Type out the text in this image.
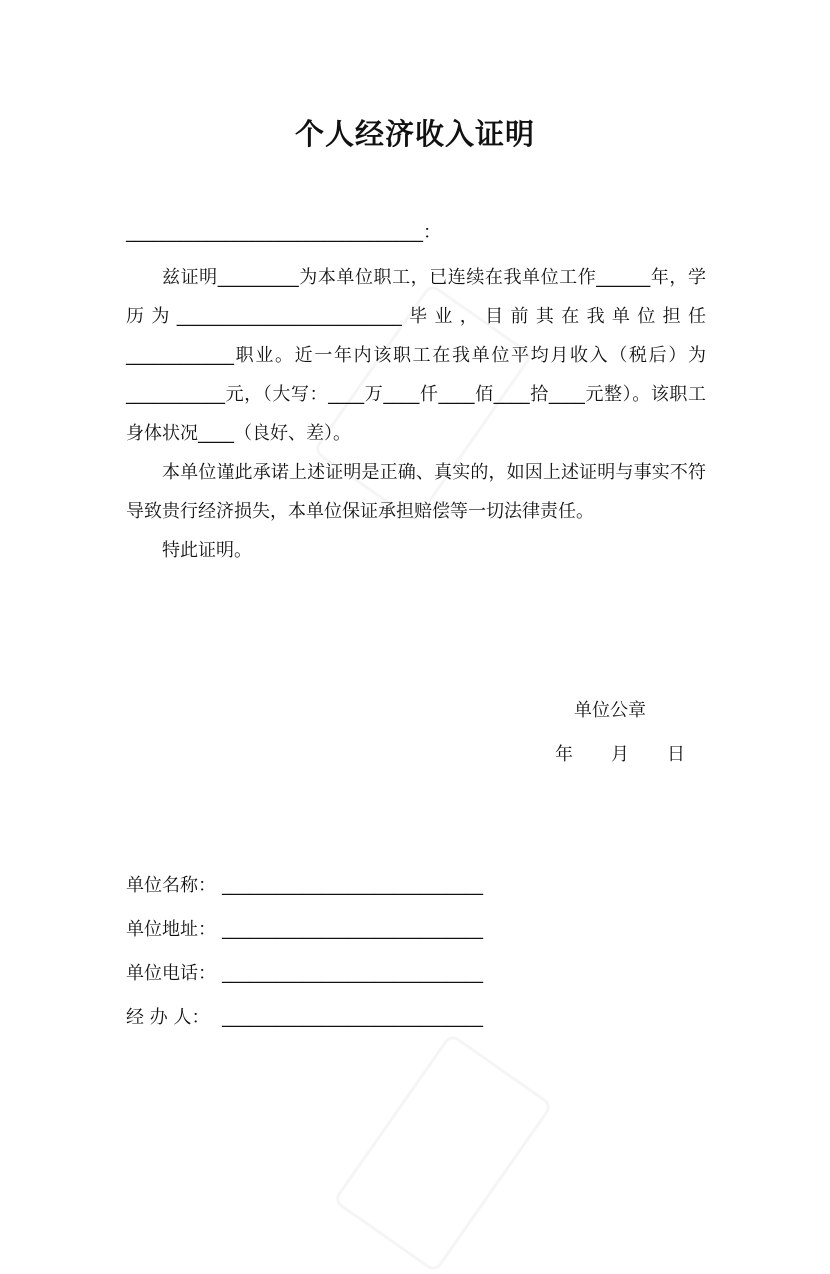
个人经济收入证明
_________________________________：

兹证明_________为本单位职工，已连续在我单位工作______年，学历为_________________________毕业，目前其在我单位担任____________职业。近一年内该职工在我单位平均月收入（税后）为___________元，（大写：____万____仟____佰____拾____元整）。该职工身体状况____（良好、差）。

本单位谨此承诺上述证明是正确、真实的，如因上述证明与事实不符导致贵行经济损失，本单位保证承担赔偿等一切法律责任。

特此证明。

单位公章
年 月 日
单位名称： _____________________________
单位地址： _____________________________
单位电话： _____________________________
经 办 人： _____________________________
